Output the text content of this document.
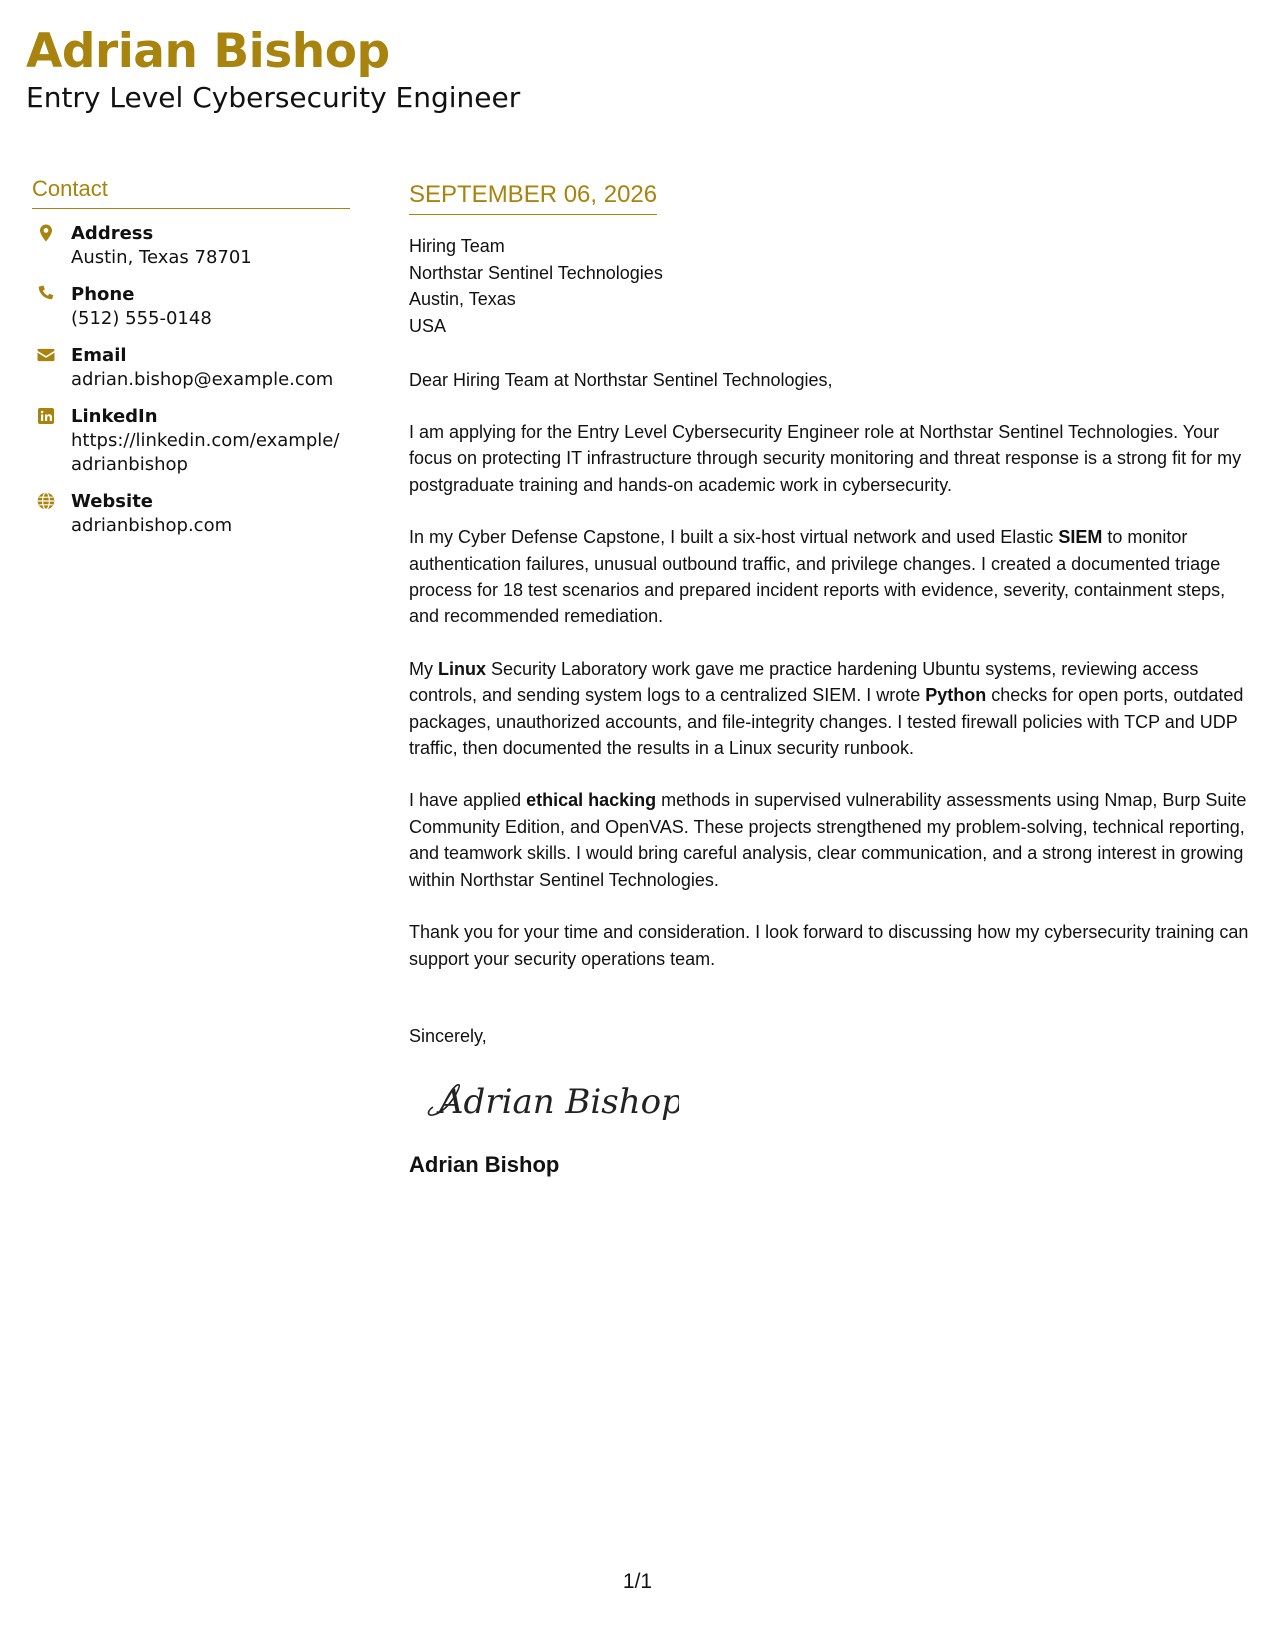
Adrian Bishop
Entry Level Cybersecurity Engineer
Contact
Address
Austin, Texas 78701
Phone
(512) 555-0148
Email
adrian.bishop@example.com
LinkedIn
https://linkedin.com/example/adrianbishop
Website
adrianbishop.com
SEPTEMBER 06, 2026
Hiring Team
Northstar Sentinel Technologies
Austin, Texas
USA
Dear Hiring Team at Northstar Sentinel Technologies,
I am applying for the Entry Level Cybersecurity Engineer role at Northstar Sentinel Technologies. Your focus on protecting IT infrastructure through security monitoring and threat response is a strong fit for my postgraduate training and hands-on academic work in cybersecurity.
In my Cyber Defense Capstone, I built a six-host virtual network and used Elastic SIEM to monitor authentication failures, unusual outbound traffic, and privilege changes. I created a documented triage process for 18 test scenarios and prepared incident reports with evidence, severity, containment steps, and recommended remediation.
My Linux Security Laboratory work gave me practice hardening Ubuntu systems, reviewing access controls, and sending system logs to a centralized SIEM. I wrote Python checks for open ports, outdated packages, unauthorized accounts, and file-integrity changes. I tested firewall policies with TCP and UDP traffic, then documented the results in a Linux security runbook.
I have applied ethical hacking methods in supervised vulnerability assessments using Nmap, Burp Suite Community Edition, and OpenVAS. These projects strengthened my problem-solving, technical reporting, and teamwork skills. I would bring careful analysis, clear communication, and a strong interest in growing within Northstar Sentinel Technologies.
Thank you for your time and consideration. I look forward to discussing how my cybersecurity training can support your security operations team.
Sincerely,
Adrian Bishop
Adrian Bishop
1/1
